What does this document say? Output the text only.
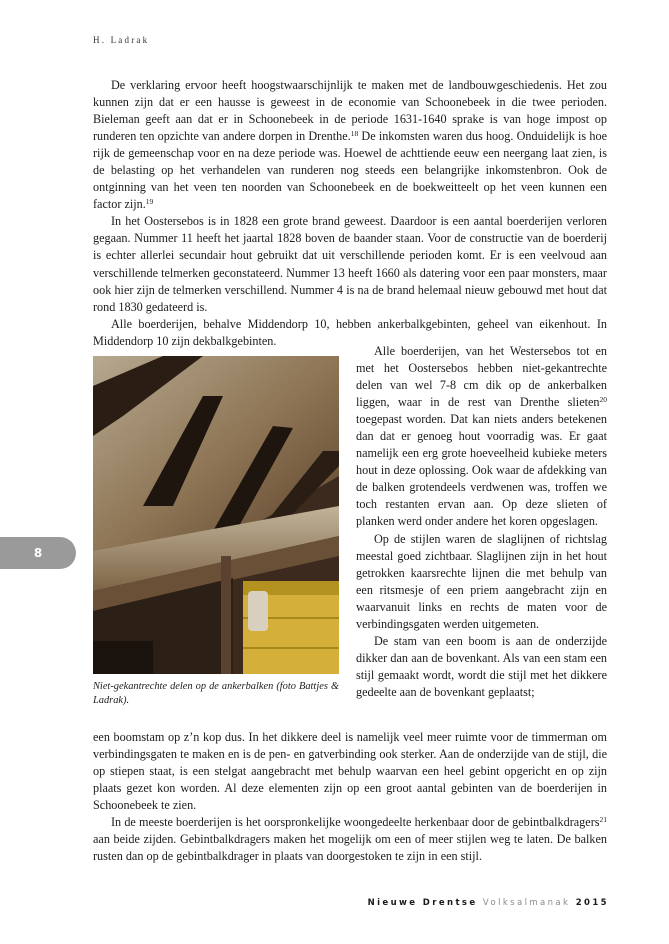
H. Ladrak

De verklaring ervoor heeft hoogstwaarschijnlijk te maken met de landbouwgeschiedenis. Het zou kunnen zijn dat er een hausse is geweest in de economie van Schoonebeek in die twee perioden. Bieleman geeft aan dat er in Schoonebeek in de periode 1631-1640 sprake is van hoge impost op runderen ten opzichte van andere dorpen in Drenthe.$^{18}$ De inkomsten waren dus hoog. Onduidelijk is hoe rijk de gemeenschap voor en na deze periode was. Hoewel de achttiende eeuw een neergang laat zien, is de belasting op het verhandelen van runderen nog steeds een belangrijke inkomstenbron. Ook de ontginning van het veen ten noorden van Schoonebeek en de boekweitteelt op het veen kunnen een factor zijn.$^{19}$

In het Oostersebos is in 1828 een grote brand geweest. Daardoor is een aantal boerderijen verloren gegaan. Nummer 11 heeft het jaartal 1828 boven de baander staan. Voor de constructie van de boerderij is echter allerlei secundair hout gebruikt dat uit verschillende perioden komt. Er is een veelvoud aan verschillende telmerken geconstateerd. Nummer 13 heeft 1660 als datering voor een paar monsters, maar ook hier zijn de telmerken verschillend. Nummer 4 is na de brand helemaal nieuw gebouwd met hout dat rond 1830 gedateerd is.

Alle boerderijen, behalve Middendorp 10, hebben ankerbalkgebinten, geheel van eikenhout. In Middendorp 10 zijn dekbalkgebinten.

Niet-gekantrechte delen op de ankerbalken (foto Battjes & Ladrak).

Alle boerderijen, van het Westersebos tot en met het Oostersebos hebben niet-gekantrechte delen van wel 7-8 cm dik op de ankerbalken liggen, waar in de rest van Drenthe slieten$^{20}$ toegepast worden. Dat kan niets anders betekenen dan dat er genoeg hout voorradig was. Er gaat namelijk een erg grote hoeveelheid kubieke meters hout in deze oplossing. Ook waar de afdekking van de balken grotendeels verdwenen was, troffen we toch restanten ervan aan. Op deze slieten of planken werd onder andere het koren opgeslagen.

Op de stijlen waren de slaglijnen of richtslag meestal goed zichtbaar. Slaglijnen zijn in het hout getrokken kaarsrechte lijnen die met behulp van een ritsmesje of een priem aangebracht zijn en waarvanuit links en rechts de maten voor de verbindingsgaten werden uitgemeten.

De stam van een boom is aan de onderzijde dikker dan aan de bovenkant. Als van een stam een stijl gemaakt wordt, wordt die stijl met het dikkere gedeelte aan de bovenkant geplaatst;

een boomstam op z’n kop dus. In het dikkere deel is namelijk veel meer ruimte voor de timmerman om verbindingsgaten te maken en is de pen- en gatverbinding ook sterker. Aan de onderzijde van de stijl, die op stiepen staat, is een stelgat aangebracht met behulp waarvan een heel gebint opgericht en op zijn plaats gezet kon worden. Al deze elementen zijn op een groot aantal gebinten van de boerderijen in Schoonebeek te zien.

In de meeste boerderijen is het oorspronkelijke woongedeelte herkenbaar door de gebintbalkdragers$^{21}$ aan beide zijden. Gebintbalkdragers maken het mogelijk om een of meer stijlen weg te laten. De balken rusten dan op de gebintbalkdrager in plaats van doorgestoken te zijn in een stijl.

8
Nieuwe Drentse Volksalmanak 2015
